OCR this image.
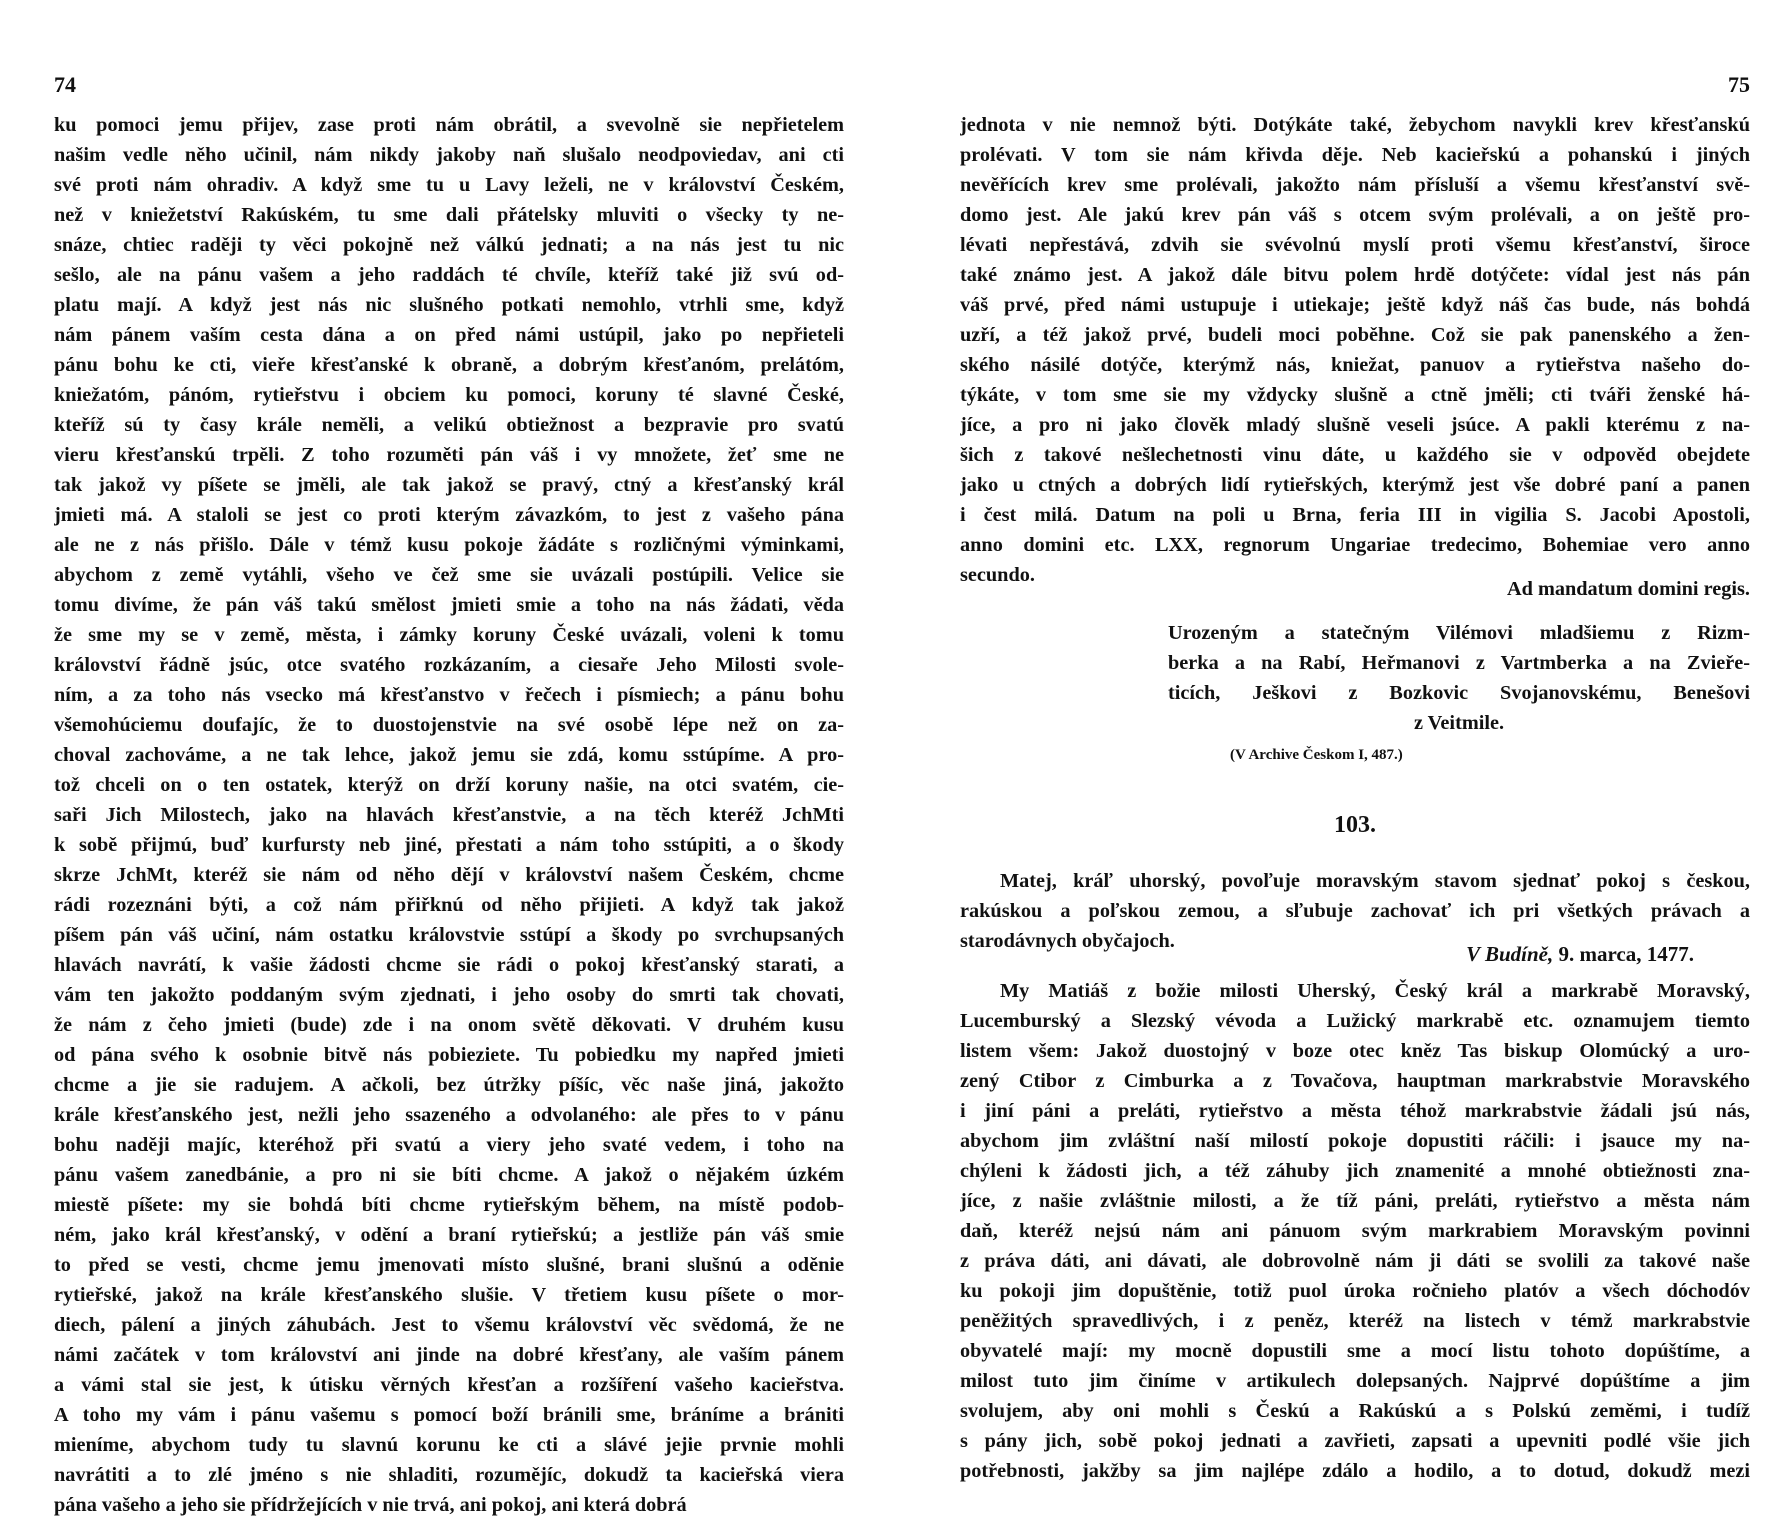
74
ku pomoci jemu přijev, zase proti nám obrátil, a svevolně sie nepřietelem
našim vedle něho učinil, nám nikdy jakoby naň slušalo neodpoviedav, ani cti
své proti nám ohradiv. A když sme tu u Lavy leželi, ne v království Českém,
než v kniežetství Rakúském, tu sme dali přátelsky mluviti o všecky ty ne-
snáze, chtiec raději ty věci pokojně než válkú jednati; a na nás jest tu nic
sešlo, ale na pánu vašem a jeho raddách té chvíle, kteříž také již svú od-
platu mají. A když jest nás nic slušného potkati nemohlo, vtrhli sme, když
nám pánem vaším cesta dána a on před námi ustúpil, jako po nepřieteli
pánu bohu ke cti, vieře křesťanské k obraně, a dobrým křesťanóm, prelátóm,
kniežatóm, pánóm, rytieřstvu i obciem ku pomoci, koruny té slavné České,
kteříž sú ty časy krále neměli, a velikú obtiežnost a bezpravie pro svatú
vieru křesťanskú trpěli. Z toho rozuměti pán váš i vy množete, žeť sme ne
tak jakož vy píšete se jměli, ale tak jakož se pravý, ctný a křesťanský král
jmieti má. A staloli se jest co proti kterým závazkóm, to jest z vašeho pána
ale ne z nás přišlo. Dále v témž kusu pokoje žádáte s rozličnými výminkami,
abychom z země vytáhli, všeho ve čež sme sie uvázali postúpili. Velice sie
tomu divíme, že pán váš takú smělost jmieti smie a toho na nás žádati, věda
že sme my se v země, města, i zámky koruny České uvázali, voleni k tomu
království řádně jsúc, otce svatého rozkázaním, a ciesaře Jeho Milosti svole-
ním, a za toho nás vsecko má křesťanstvo v řečech i písmiech; a pánu bohu
všemohúciemu doufajíc, že to duostojenstvie na své osobě lépe než on za-
choval zachováme, a ne tak lehce, jakož jemu sie zdá, komu sstúpíme. A pro-
tož chceli on o ten ostatek, kterýž on drží koruny našie, na otci svatém, cie-
saři Jich Milostech, jako na hlavách křesťanstvie, a na těch kteréž JchMti
k sobě přijmú, buď kurfursty neb jiné, přestati a nám toho sstúpiti, a o škody
skrze JchMt, kteréž sie nám od něho dějí v království našem Českém, chcme
rádi rozeznáni býti, a což nám přiřknú od něho přijieti. A když tak jakož
píšem pán váš učiní, nám ostatku královstvie sstúpí a škody po svrchupsaných
hlavách navrátí, k vašie žádosti chcme sie rádi o pokoj křesťanský starati, a
vám ten jakožto poddaným svým zjednati, i jeho osoby do smrti tak chovati,
že nám z čeho jmieti (bude) zde i na onom světě děkovati. V druhém kusu
od pána svého k osobnie bitvě nás pobieziete. Tu pobiedku my napřed jmieti
chcme a jie sie radujem. A ačkoli, bez útržky píšíc, věc naše jiná, jakožto
krále křesťanského jest, nežli jeho ssazeného a odvolaného: ale přes to v pánu
bohu naději majíc, kteréhož při svatú a viery jeho svaté vedem, i toho na
pánu vašem zanedbánie, a pro ni sie bíti chcme. A jakož o nějakém úzkém
miestě píšete: my sie bohdá bíti chcme rytieřským během, na místě podob-
ném, jako král křesťanský, v odění a braní rytieřskú; a jestliže pán váš smie
to před se vesti, chcme jemu jmenovati místo slušné, brani slušnú a oděnie
rytieřské, jakož na krále křesťanského slušie. V třetiem kusu píšete o mor-
diech, pálení a jiných záhubách. Jest to všemu království věc svědomá, že ne
námi začátek v tom království ani jinde na dobré křesťany, ale vaším pánem
a vámi stal sie jest, k útisku věrných křesťan a rozšíření vašeho kacieřstva.
A toho my vám i pánu vašemu s pomocí boží bránili sme, bráníme a brániti
mieníme, abychom tudy tu slavnú korunu ke cti a slávé jejie prvnie mohli
navrátiti a to zlé jméno s nie shladiti, rozumějíc, dokudž ta kacieřská viera
pána vašeho a jeho sie přídržejících v nie trvá, ani pokoj, ani která dobrá
75
jednota v nie nemnož býti. Dotýkáte také, žebychom navykli krev křesťanskú
prolévati. V tom sie nám křivda děje. Neb kacieřskú a pohanskú i jiných
nevěřících krev sme prolévali, jakožto nám přísluší a všemu křesťanství svě-
domo jest. Ale jakú krev pán váš s otcem svým prolévali, a on ještě pro-
lévati nepřestává, zdvih sie svévolnú myslí proti všemu křesťanství, široce
také známo jest. A jakož dále bitvu polem hrdě dotýčete: vídal jest nás pán
váš prvé, před námi ustupuje i utiekaje; ještě když náš čas bude, nás bohdá
uzří, a též jakož prvé, budeli moci poběhne. Což sie pak panenského a žen-
ského násilé dotýče, kterýmž nás, kniežat, panuov a rytieřstva našeho do-
týkáte, v tom sme sie my vždycky slušně a ctně jměli; cti tváři ženské há-
jíce, a pro ni jako člověk mladý slušně veseli jsúce. A pakli kterému z na-
šich z takové nešlechetnosti vinu dáte, u každého sie v odpověd obejdete
jako u ctných a dobrých lidí rytieřských, kterýmž jest vše dobré paní a panen
i čest milá. Datum na poli u Brna, feria III in vigilia S. Jacobi Apostoli,
anno domini etc. LXX, regnorum Ungariae tredecimo, Bohemiae vero anno
secundo.
Ad mandatum domini regis.
Urozeným a statečným Vilémovi mladšiemu z Rizm-
berka a na Rabí, Heřmanovi z Vartmberka a na Zvieře-
ticích, Ješkovi z Bozkovic Svojanovskému, Benešovi
z Veitmile.
(V Archive Českom I, 487.)
103.
Matej, kráľ uhorský, povoľuje moravským stavom sjednať pokoj s českou,
rakúskou a poľskou zemou, a sľubuje zachovať ich pri všetkých právach a
starodávnych obyčajoch.
V Budíně, 9. marca, 1477.
My Matiáš z božie milosti Uherský, Český král a markrabě Moravský,
Lucemburský a Slezský vévoda a Lužický markrabě etc. oznamujem tiemto
listem všem: Jakož duostojný v boze otec kněz Tas biskup Olomúcký a uro-
zený Ctibor z Cimburka a z Tovačova, hauptman markrabstvie Moravského
i jiní páni a preláti, rytieřstvo a města téhož markrabstvie žádali jsú nás,
abychom jim zvláštní naší milostí pokoje dopustiti ráčili: i jsauce my na-
chýleni k žádosti jich, a též záhuby jich znamenité a mnohé obtiežnosti zna-
jíce, z našie zvláštnie milosti, a že tíž páni, preláti, rytieřstvo a města nám
daň, kteréž nejsú nám ani pánuom svým markrabiem Moravským povinni
z práva dáti, ani dávati, ale dobrovolně nám ji dáti se svolili za takové naše
ku pokoji jim dopuštěnie, totiž puol úroka ročnieho platóv a všech dóchodóv
peněžitých spravedlivých, i z peněz, kteréž na listech v témž markrabstvie
obyvatelé mají: my mocně dopustili sme a mocí listu tohoto dopúštíme, a
milost tuto jim činíme v artikulech dolepsaných. Najprvé dopúštíme a jim
svolujem, aby oni mohli s Českú a Rakúskú a s Polskú zeměmi, i tudíž
s pány jich, sobě pokoj jednati a zavřieti, zapsati a upevniti podlé všie jich
potřebnosti, jakžby sa jim najlépe zdálo a hodilo, a to dotud, dokudž mezi
